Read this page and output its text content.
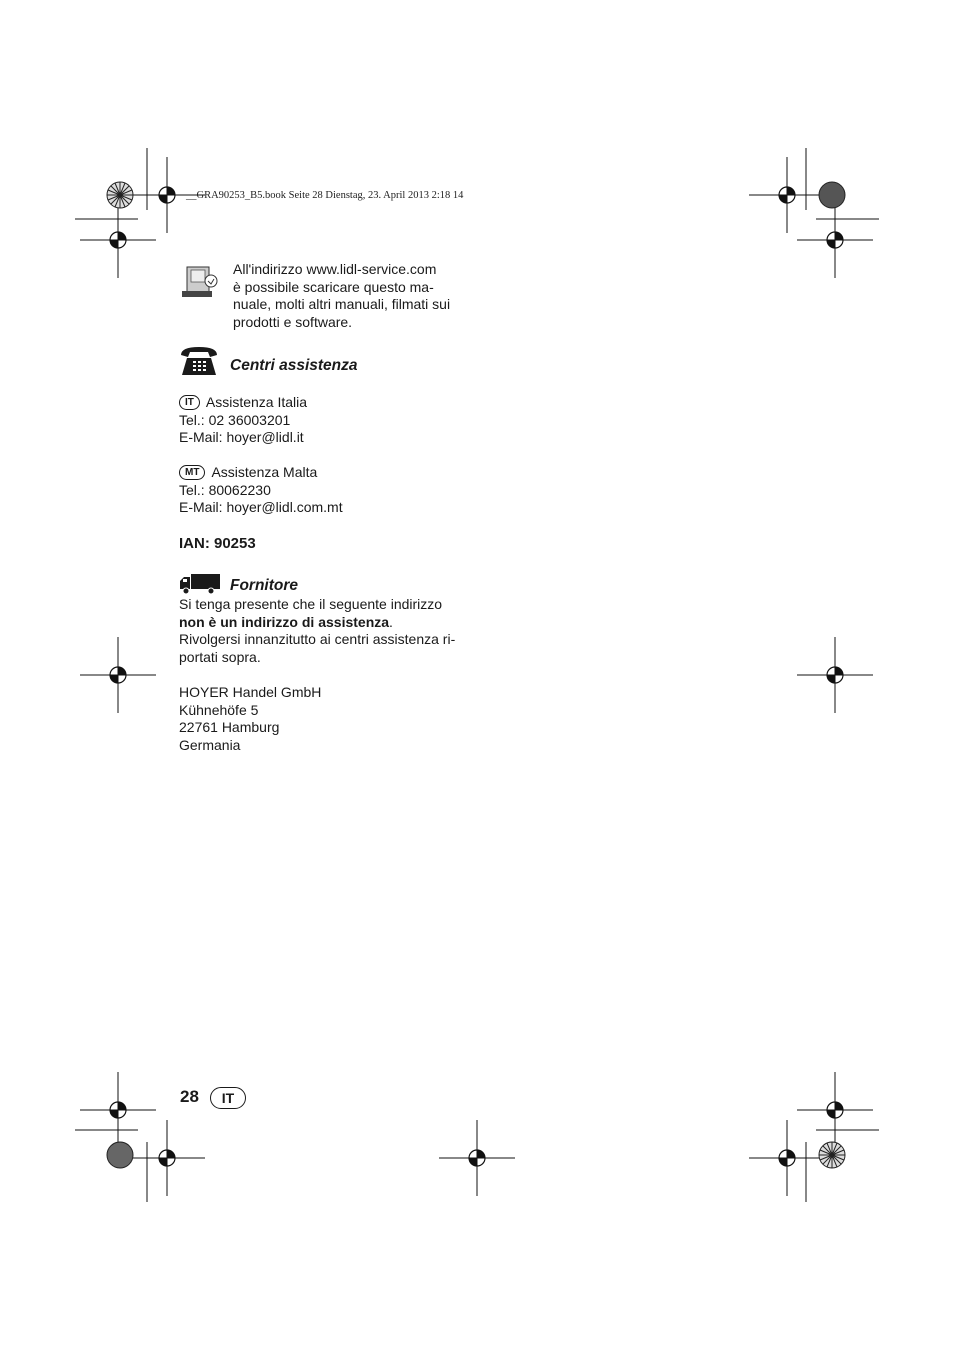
__GRA90253_B5.book Seite 28 Dienstag, 23. April 2013 2:18 14
All'indirizzo www.lidl-service.com
è possibile scaricare questo ma-
nuale, molti altri manuali, filmati sui
prodotti e software.
Centri assistenza
IT Assistenza Italia
Tel.: 02 36003201
E-Mail: hoyer@lidl.it
MT Assistenza Malta
Tel.: 80062230
E-Mail: hoyer@lidl.com.mt
IAN: 90253
Fornitore
Si tenga presente che il seguente indirizzo
non è un indirizzo di assistenza.
Rivolgersi innanzitutto ai centri assistenza ri-
portati sopra.
HOYER Handel GmbH
Kühnehöfe 5
22761 Hamburg
Germania
28	IT
